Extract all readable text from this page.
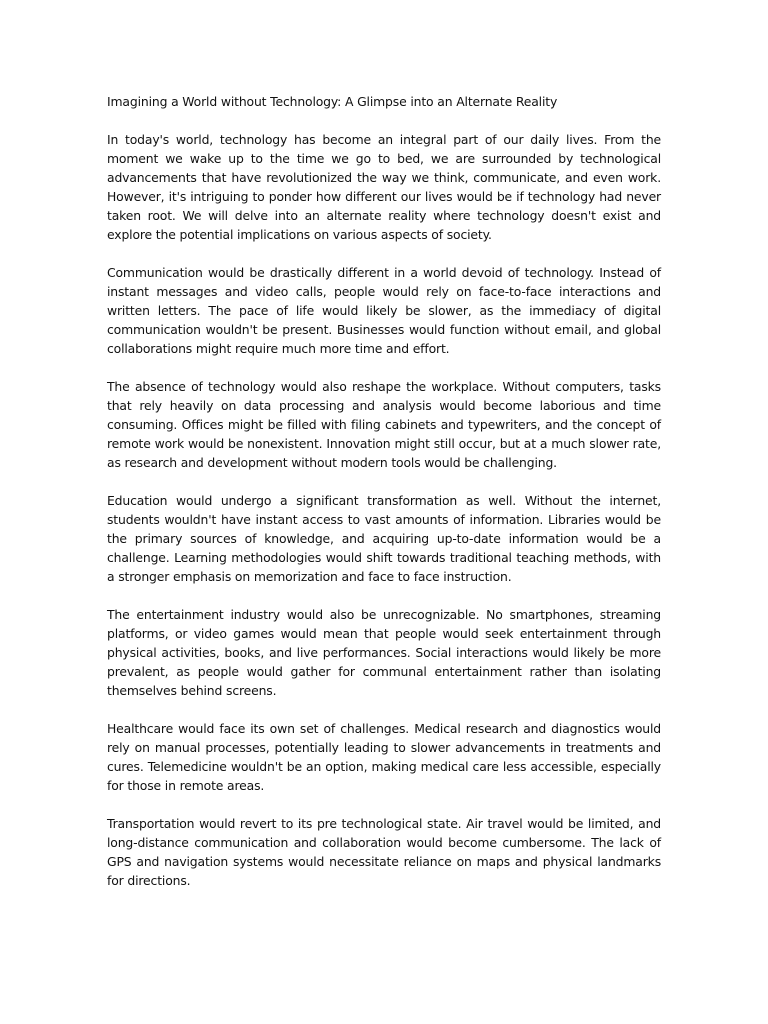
Imagining a World without Technology: A Glimpse into an Alternate Reality

In today's world, technology has become an integral part of our daily lives. From the moment we wake up to the time we go to bed, we are surrounded by technological advancements that have revolutionized the way we think, communicate, and even work. However, it's intriguing to ponder how different our lives would be if technology had never taken root. We will delve into an alternate reality where technology doesn't exist and explore the potential implications on various aspects of society.

Communication would be drastically different in a world devoid of technology. Instead of instant messages and video calls, people would rely on face-to-face interactions and written letters. The pace of life would likely be slower, as the immediacy of digital communication wouldn't be present. Businesses would function without email, and global collaborations might require much more time and effort.

The absence of technology would also reshape the workplace. Without computers, tasks that rely heavily on data processing and analysis would become laborious and time consuming. Offices might be filled with filing cabinets and typewriters, and the concept of remote work would be nonexistent. Innovation might still occur, but at a much slower rate, as research and development without modern tools would be challenging.

Education would undergo a significant transformation as well. Without the internet, students wouldn't have instant access to vast amounts of information. Libraries would be the primary sources of knowledge, and acquiring up-to-date information would be a challenge. Learning methodologies would shift towards traditional teaching methods, with a stronger emphasis on memorization and face to face instruction.

The entertainment industry would also be unrecognizable. No smartphones, streaming platforms, or video games would mean that people would seek entertainment through physical activities, books, and live performances. Social interactions would likely be more prevalent, as people would gather for communal entertainment rather than isolating themselves behind screens.

Healthcare would face its own set of challenges. Medical research and diagnostics would rely on manual processes, potentially leading to slower advancements in treatments and cures. Telemedicine wouldn't be an option, making medical care less accessible, especially for those in remote areas.

Transportation would revert to its pre technological state. Air travel would be limited, and long-distance communication and collaboration would become cumbersome. The lack of GPS and navigation systems would necessitate reliance on maps and physical landmarks for directions.
